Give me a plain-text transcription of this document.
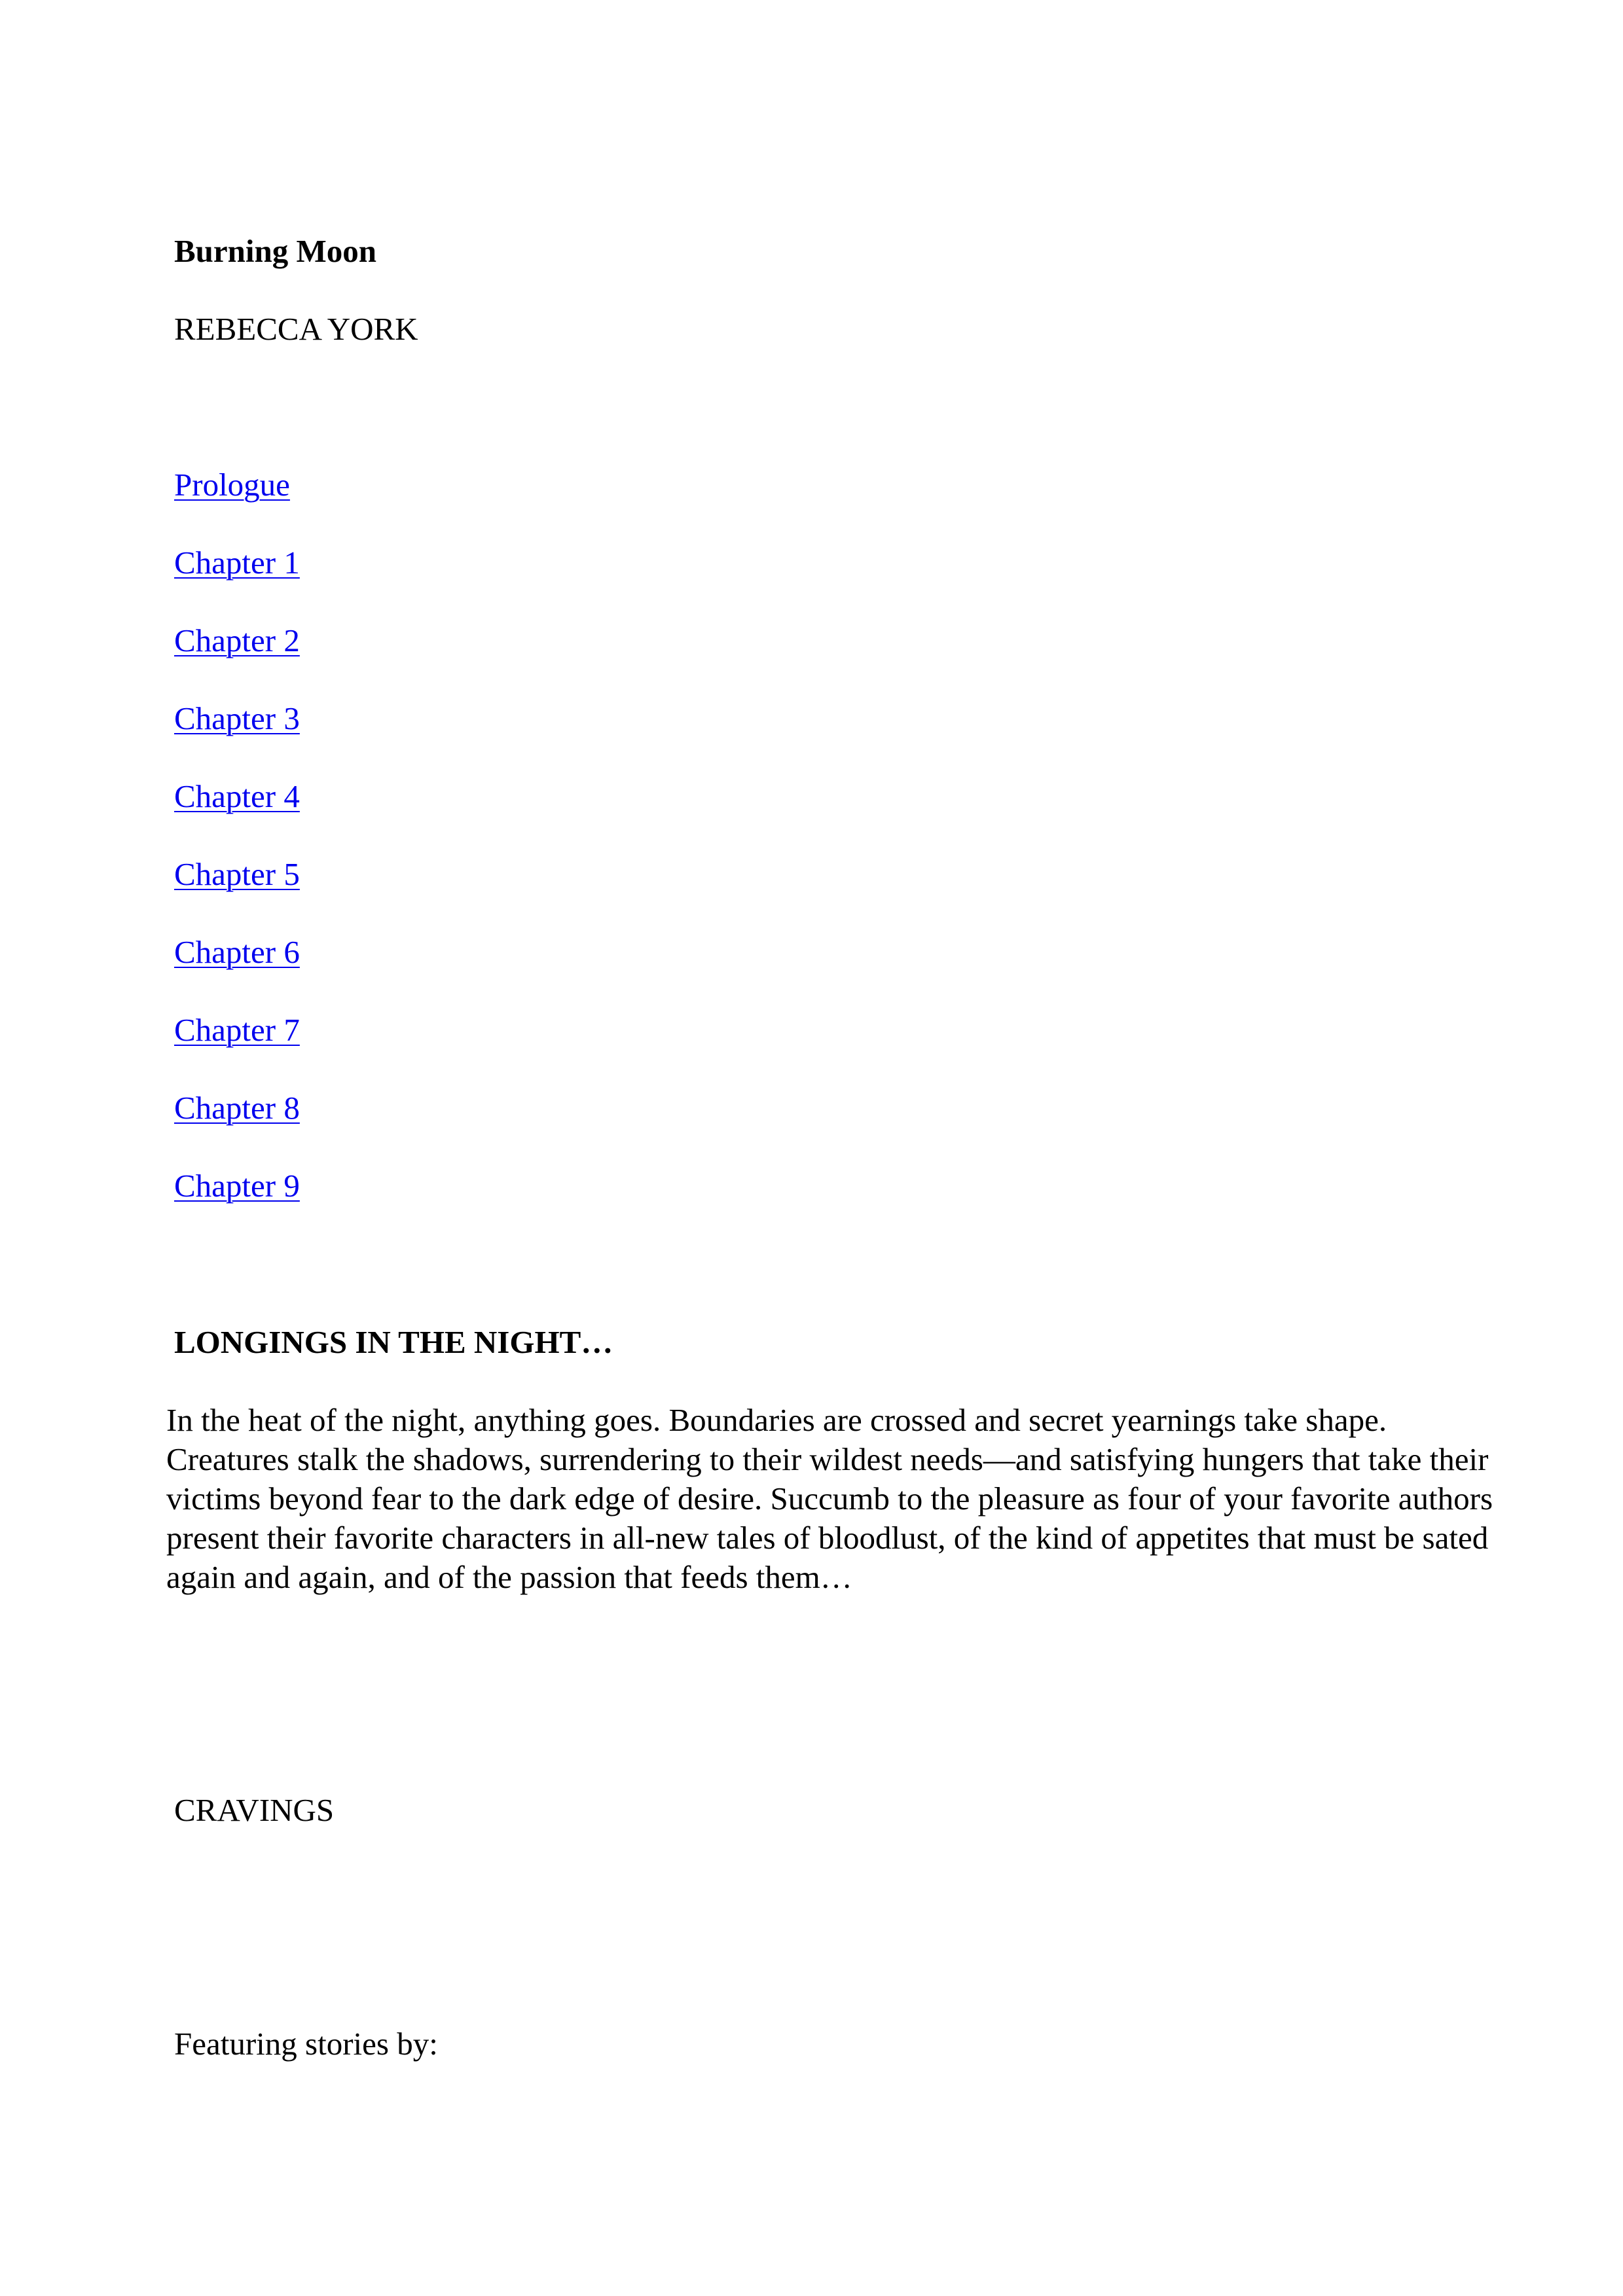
Burning Moon

REBECCA YORK

Prologue
Chapter 1
Chapter 2
Chapter 3
Chapter 4
Chapter 5
Chapter 6
Chapter 7
Chapter 8
Chapter 9

LONGINGS IN THE NIGHT…

In the heat of the night, anything goes. Boundaries are crossed and secret yearnings take shape.
Creatures stalk the shadows, surrendering to their wildest needs—and satisfying hungers that take their
victims beyond fear to the dark edge of desire. Succumb to the pleasure as four of your favorite authors
present their favorite characters in all-new tales of bloodlust, of the kind of appetites that must be sated
again and again, and of the passion that feeds them…

CRAVINGS

Featuring stories by:
